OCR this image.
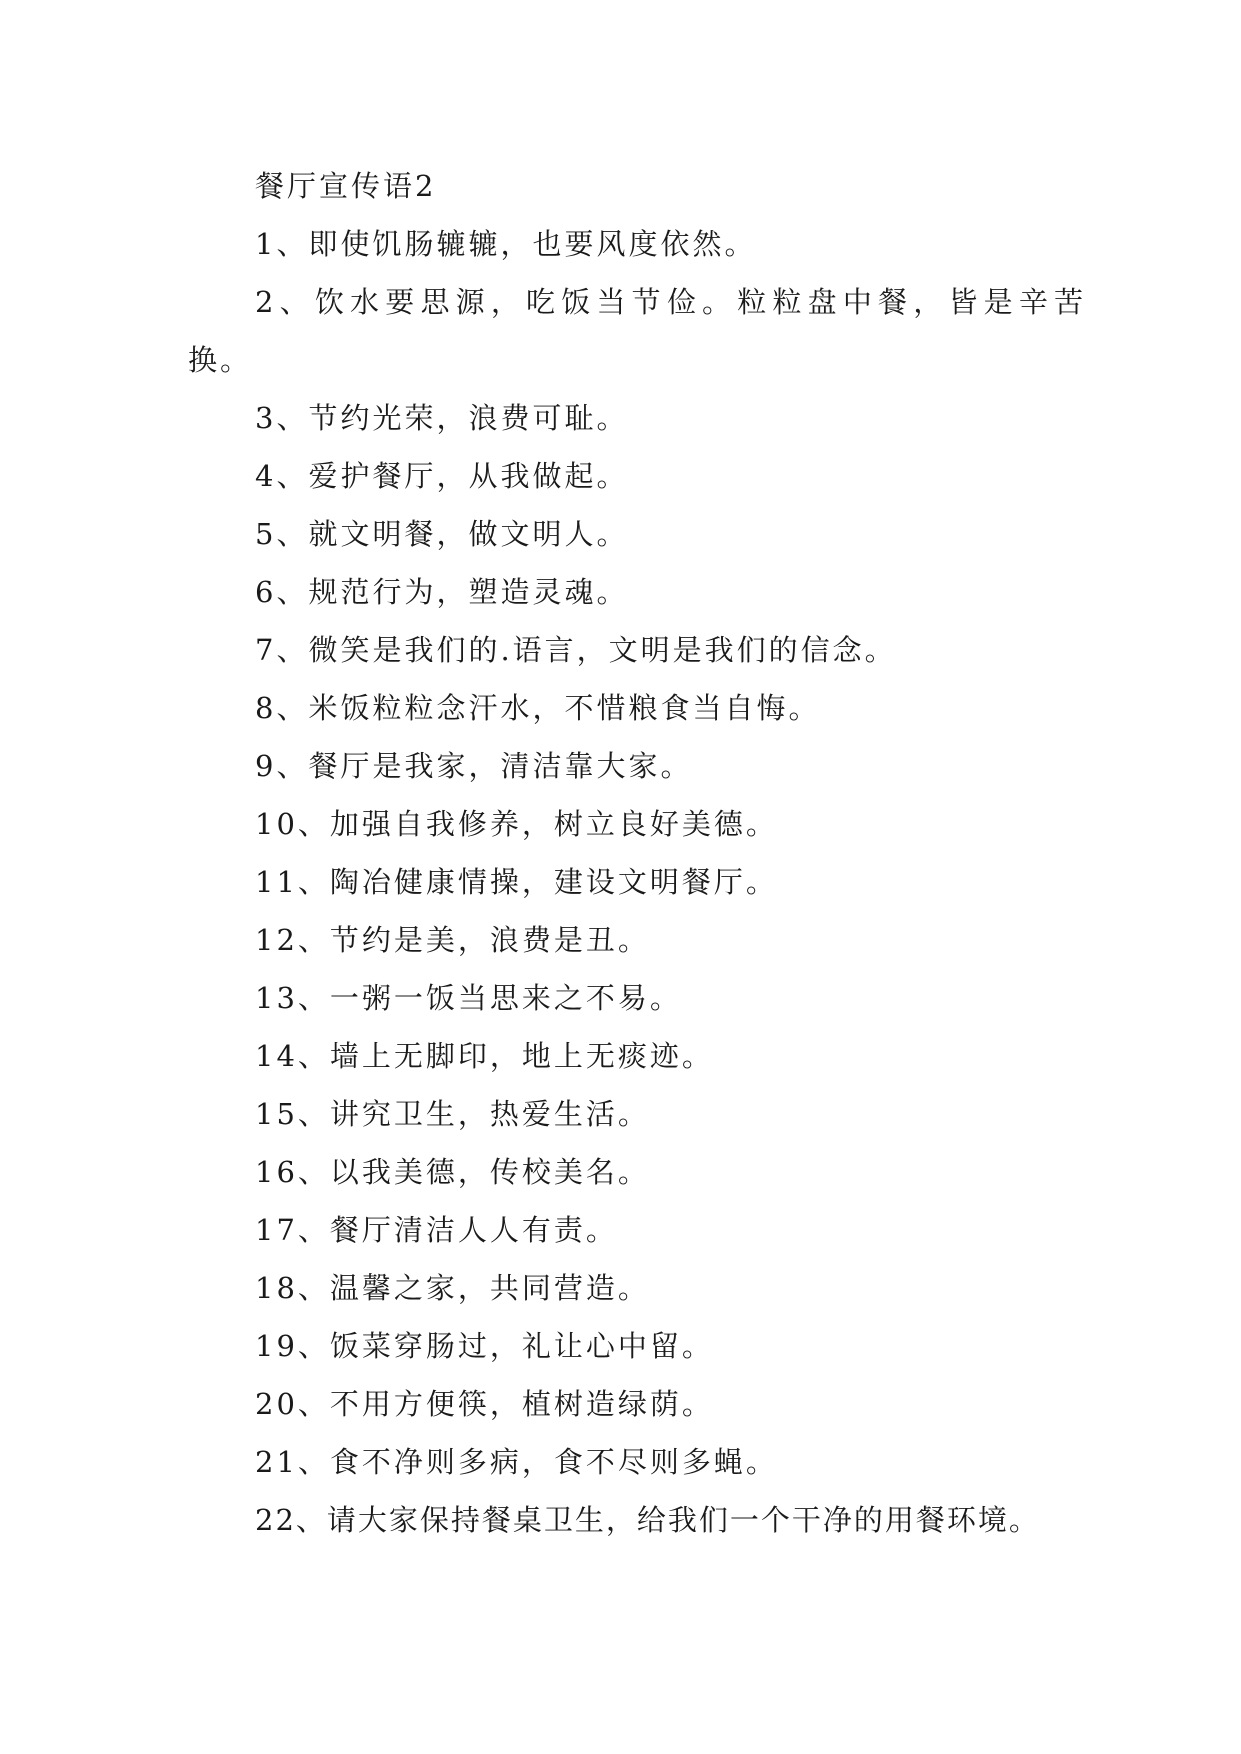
餐厅宣传语2
1、即使饥肠辘辘，也要风度依然。
2、饮水要思源，吃饭当节俭。粒粒盘中餐，皆是辛苦
换。
3、节约光荣，浪费可耻。
4、爱护餐厅，从我做起。
5、就文明餐，做文明人。
6、规范行为，塑造灵魂。
7、微笑是我们的.语言，文明是我们的信念。
8、米饭粒粒念汗水，不惜粮食当自悔。
9、餐厅是我家，清洁靠大家。
10、加强自我修养，树立良好美德。
11、陶冶健康情操，建设文明餐厅。
12、节约是美，浪费是丑。
13、一粥一饭当思来之不易。
14、墙上无脚印，地上无痰迹。
15、讲究卫生，热爱生活。
16、以我美德，传校美名。
17、餐厅清洁人人有责。
18、温馨之家，共同营造。
19、饭菜穿肠过，礼让心中留。
20、不用方便筷，植树造绿荫。
21、食不净则多病，食不尽则多蝇。
22、请大家保持餐桌卫生，给我们一个干净的用餐环境。
